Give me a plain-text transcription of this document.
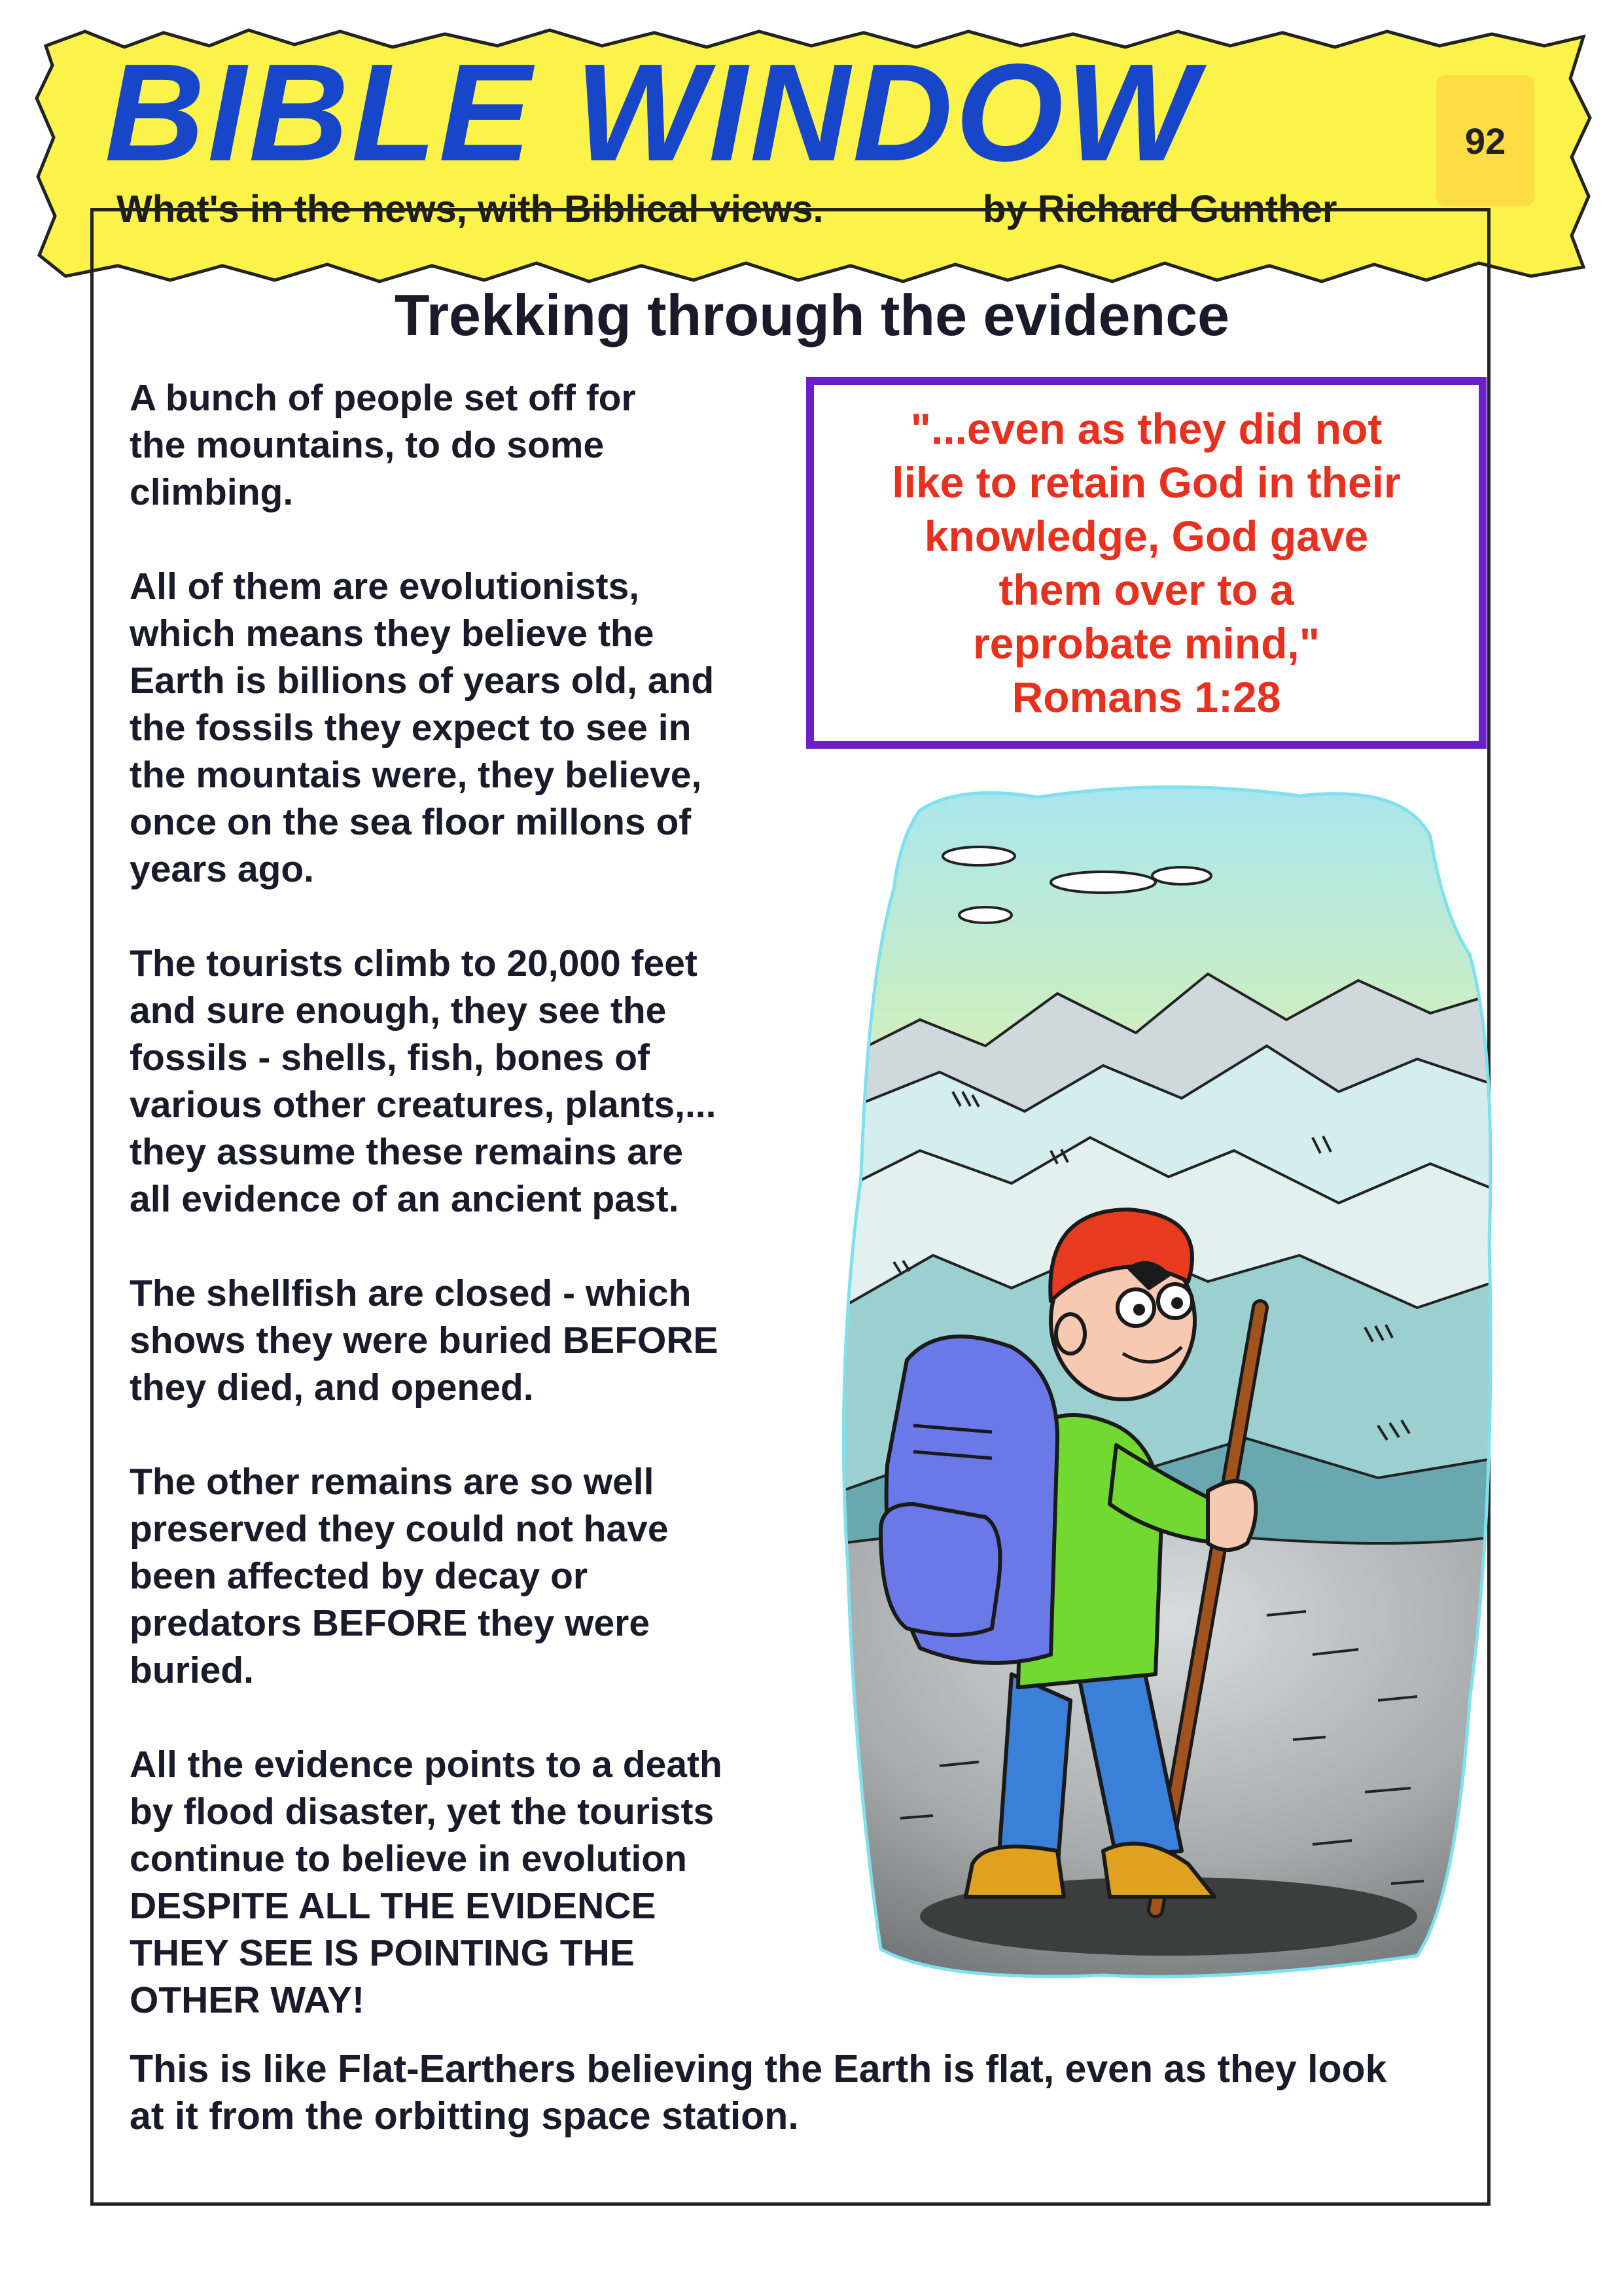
BIBLE WINDOW	92
What's in the news, with Biblical views.	by Richard Gunther
Trekking through the evidence

A bunch of people set off for
the mountains, to do some
climbing.

All of them are evolutionists,
which means they believe the
Earth is billions of years old, and
the fossils they expect to see in
the mountais were, they believe,
once on the sea floor millons of
years ago.

The tourists climb to 20,000 feet
and sure enough, they see the
fossils - shells, fish, bones of
various other creatures, plants,...
they assume these remains are
all evidence of an ancient past.

The shellfish are closed - which
shows they were buried BEFORE
they died, and opened.

The other remains are so well
preserved they could not have
been affected by decay or
predators BEFORE they were
buried.

All the evidence points to a death
by flood disaster, yet the tourists
continue to believe in evolution
DESPITE ALL THE EVIDENCE
THEY SEE IS POINTING THE
OTHER WAY!

"...even as they did not
like to retain God in their
knowledge, God gave
them over to a
reprobate mind,"
Romans 1:28
This is like Flat-Earthers believing the Earth is flat, even as they look
at it from the orbitting space station.
